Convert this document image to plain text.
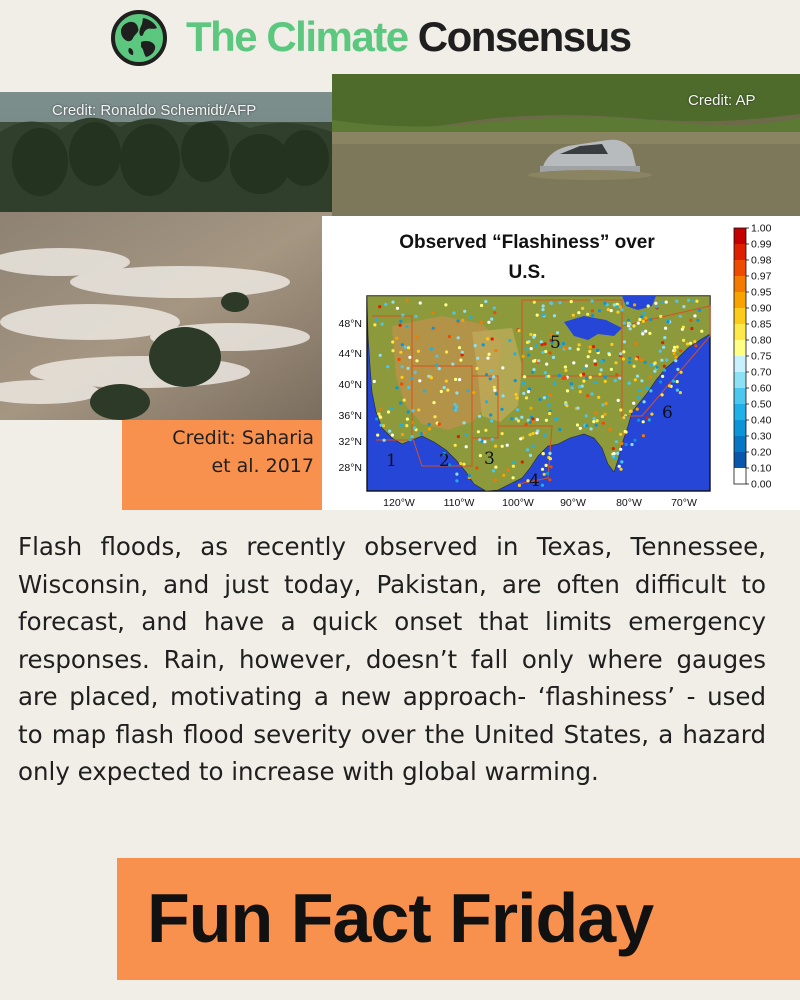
The Climate Consensus
Credit: Ronaldo Schemidt/AFP
Credit: AP
Credit: Saharia
et al. 2017
Observed “Flashiness” over
U.S.
1 2 3
4
5
6
48°N
44°N
40°N
36°N
32°N
28°N
120°W	110°W	100°W	90°W	80°W	70°W
1.00
0.99
0.98
0.97
0.95
0.90
0.85
0.80
0.75
0.70
0.60
0.50
0.40
0.30
0.20
0.10
0.00
Flash floods, as recently observed in Texas, Tennessee, Wisconsin, and just today, Pakistan, are often difficult to forecast, and have a quick onset that limits emergency responses. Rain, however, doesn’t fall only where gauges are placed, motivating a new approach- ‘flashiness’ - used to map flash flood severity over the United States, a hazard only expected to increase with global warming.
Fun Fact Friday
